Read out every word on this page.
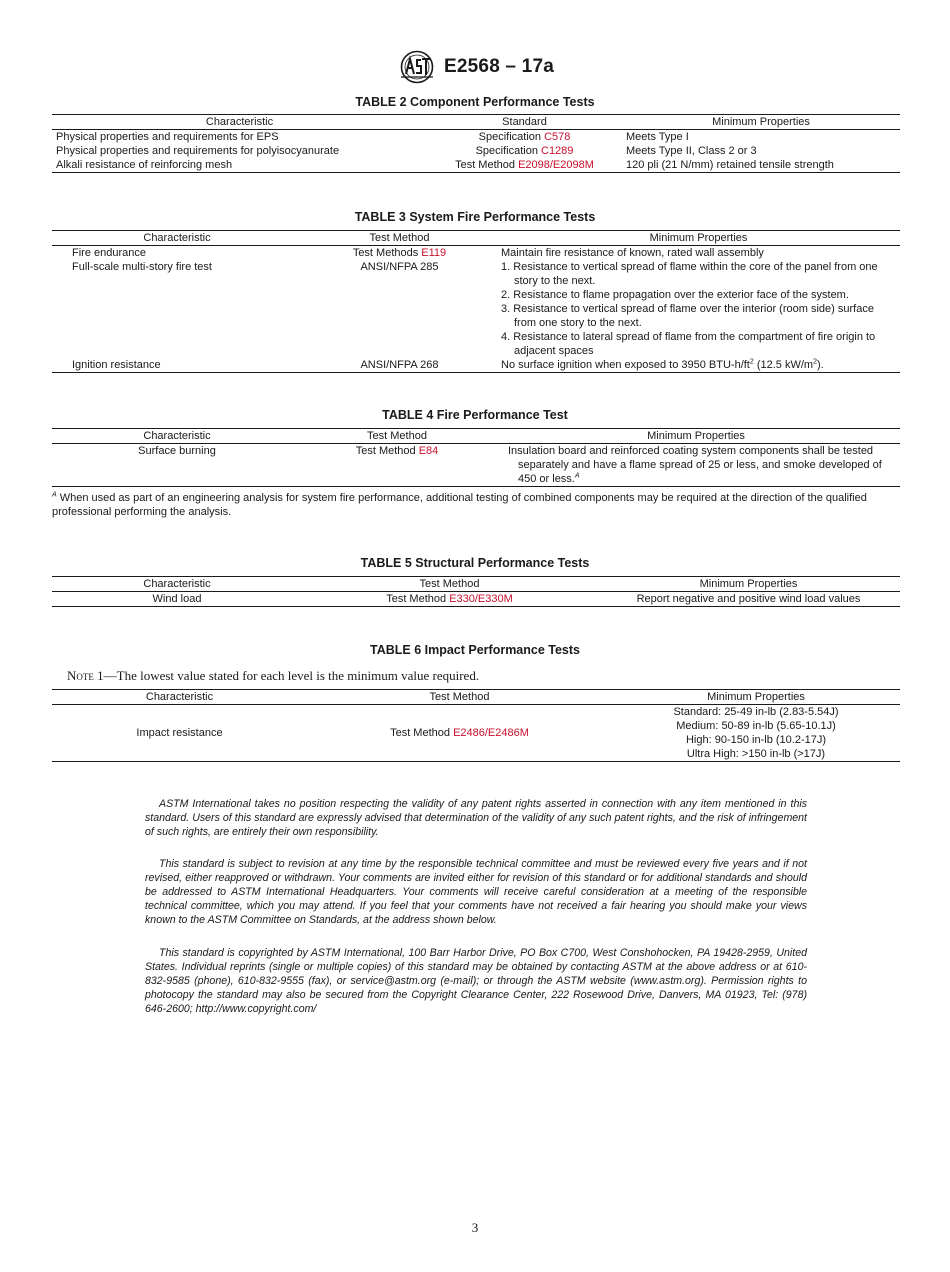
E2568 – 17a
TABLE 2 Component Performance Tests
Characteristic	Standard	Minimum Properties
Physical properties and requirements for EPS	Specification C578	Meets Type I
Physical properties and requirements for polyisocyanurate	Specification C1289	Meets Type II, Class 2 or 3
Alkali resistance of reinforcing mesh	Test Method E2098/E2098M	120 pli (21 N/mm) retained tensile strength
TABLE 3 System Fire Performance Tests
Characteristic	Test Method	Minimum Properties
Fire endurance	Test Methods E119	Maintain fire resistance of known, rated wall assembly
Full-scale multi-story fire test	ANSI/NFPA 285	1. Resistance to vertical spread of flame within the core of the panel from one story to the next.
2. Resistance to flame propagation over the exterior face of the system.
3. Resistance to vertical spread of flame over the interior (room side) surface from one story to the next.
4. Resistance to lateral spread of flame from the compartment of fire origin to adjacent spaces

Ignition resistance	ANSI/NFPA 268	No surface ignition when exposed to 3950 BTU-$h/ft^2$ (12.5 $kW/m^2$).
TABLE 4 Fire Performance Test
Characteristic	Test Method	Minimum Properties
Surface burning	Test Method E84	Insulation board and reinforced coating system components shall be tested separately and have a flame spread of 25 or less, and smoke developed of 450 or less.$^A$
$^A$ When used as part of an engineering analysis for system fire performance, additional testing of combined components may be required at the direction of the qualified professional performing the analysis.
TABLE 5 Structural Performance Tests
Characteristic	Test Method	Minimum Properties
Wind load	Test Method E330/E330M	Report negative and positive wind load values
TABLE 6 Impact Performance Tests
Note 1—The lowest value stated for each level is the minimum value required.
Characteristic	Test Method	Minimum Properties
Impact resistance	Test Method E2486/E2486M	Standard: 25-49 in-lb (2.83-5.54J)
Medium: 50-89 in-lb (5.65-10.1J)
High: 90-150 in-lb (10.2-17J)
Ultra High: >150 in-lb (>17J)
ASTM International takes no position respecting the validity of any patent rights asserted in connection with any item mentioned in this standard. Users of this standard are expressly advised that determination of the validity of any such patent rights, and the risk of infringement of such rights, are entirely their own responsibility.
This standard is subject to revision at any time by the responsible technical committee and must be reviewed every five years and if not revised, either reapproved or withdrawn. Your comments are invited either for revision of this standard or for additional standards and should be addressed to ASTM International Headquarters. Your comments will receive careful consideration at a meeting of the responsible technical committee, which you may attend. If you feel that your comments have not received a fair hearing you should make your views known to the ASTM Committee on Standards, at the address shown below.
This standard is copyrighted by ASTM International, 100 Barr Harbor Drive, PO Box C700, West Conshohocken, PA 19428-2959, United States. Individual reprints (single or multiple copies) of this standard may be obtained by contacting ASTM at the above address or at 610-832-9585 (phone), 610-832-9555 (fax), or service@astm.org (e-mail); or through the ASTM website (www.astm.org). Permission rights to photocopy the standard may also be secured from the Copyright Clearance Center, 222 Rosewood Drive, Danvers, MA 01923, Tel: (978) 646-2600; http://www.copyright.com/
3
